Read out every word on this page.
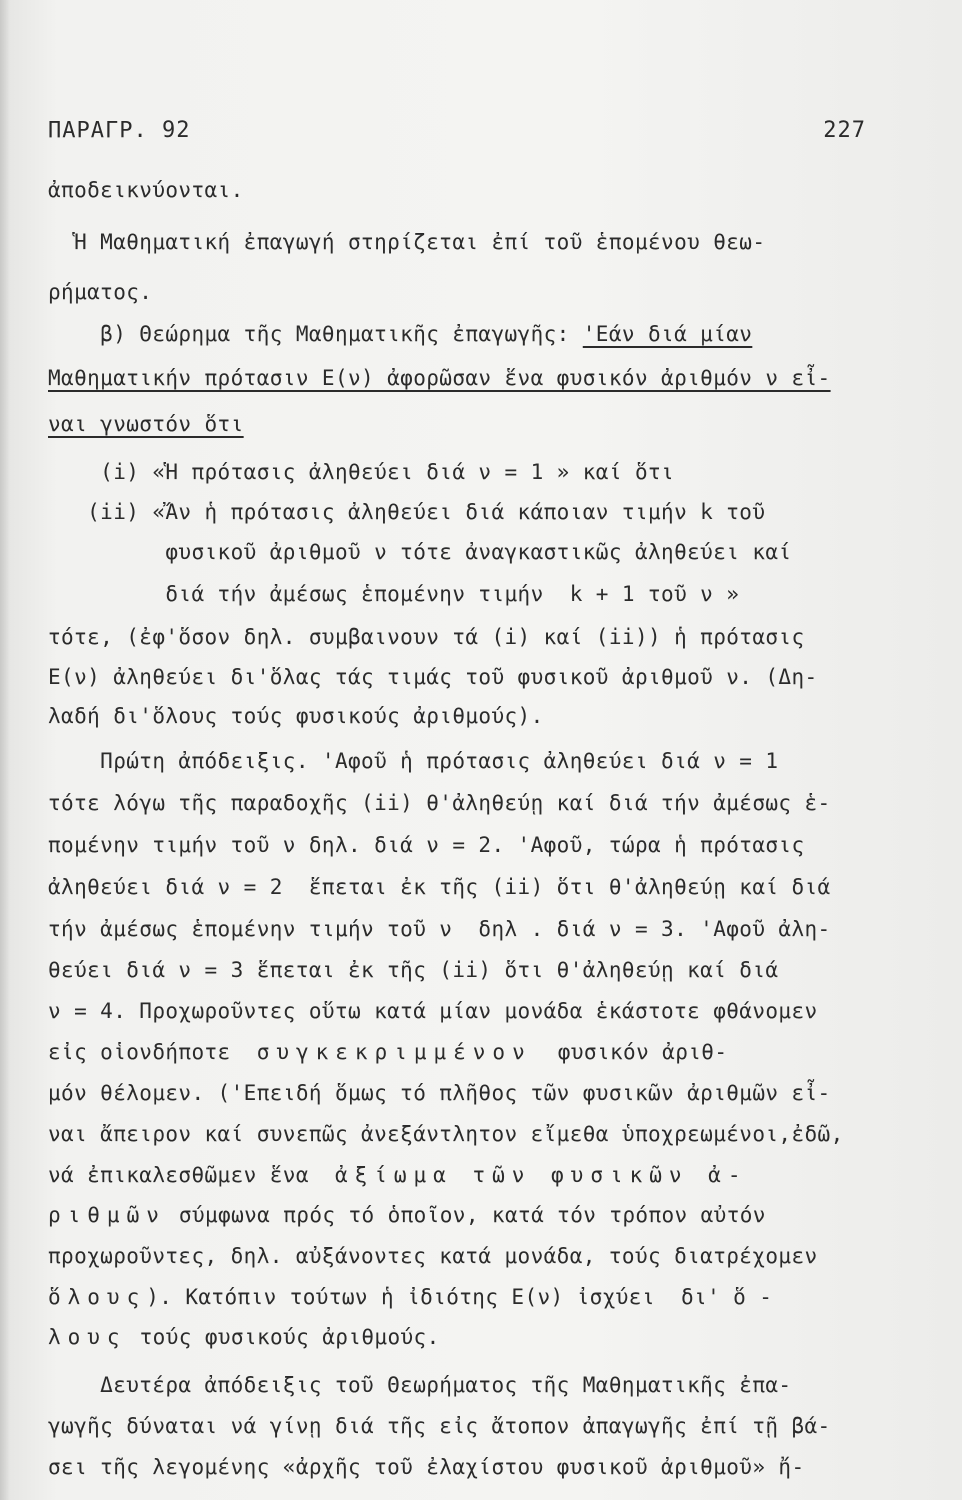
ΠΑΡΑΓΡ. 92	227
ἀποδεικνύονται.
Ἡ Μαθηματική ἐπαγωγή στηρίζεται ἐπί τοῦ ἑπομένου θεω-
ρήματος.
β) Θεώρημα τῆς Μαθηματικῆς ἐπαγωγῆς: 'Εάν διά μίαν
Μαθηματικήν πρότασιν Ε(ν) ἀφορῶσαν ἕνα φυσικόν ἀριθμόν ν εἶ-
ναι γνωστόν ὅτι
(i) «Ἡ πρότασις ἀληθεύει διά ν = 1 » καί ὅτι
(ii) «Ἄν ἡ πρότασις ἀληθεύει διά κάποιαν τιμήν k τοῦ
φυσικοῦ ἀριθμοῦ ν τότε ἀναγκαστικῶς ἀληθεύει καί
διά τήν ἀμέσως ἑπομένην τιμήν  k + 1 τοῦ ν »
τότε, (ἐφ'ὅσον δηλ. συμβαινουν τά (i) καί (ii)) ἡ πρότασις
Ε(ν) ἀληθεύει δι'ὅλας τάς τιμάς τοῦ φυσικοῦ ἀριθμοῦ ν. (Δη-
λαδή δι'ὅλους τούς φυσικούς ἀριθμούς).
Πρώτη ἀπόδειξις. 'Αφοῦ ἡ πρότασις ἀληθεύει διά ν = 1
τότε λόγω τῆς παραδοχῆς (ii) θ'ἀληθεύῃ καί διά τήν ἀμέσως ἑ-
πομένην τιμήν τοῦ ν δηλ. διά ν = 2. 'Αφοῦ, τώρα ἡ πρότασις
ἀληθεύει διά ν = 2  ἕπεται ἐκ τῆς (ii) ὅτι θ'ἀληθεύῃ καί διά
τήν ἀμέσως ἑπομένην τιμήν τοῦ ν  δηλ . διά ν = 3. 'Αφοῦ ἀλη-
θεύει διά ν = 3 ἕπεται ἐκ τῆς (ii) ὅτι θ'ἀληθεύῃ καί διά
ν = 4. Προχωροῦντες οὕτω κατά μίαν μονάδα ἑκάστοτε φθάνομεν
εἰς οἱονδήποτε  συγκεκριμμένον  φυσικόν ἀριθ-
μόν θέλομεν. ('Επειδή ὅμως τό πλῆθος τῶν φυσικῶν ἀριθμῶν εἶ-
ναι ἄπειρον καί συνεπῶς ἀνεξάντλητον εἴμεθα ὑποχρεωμένοι,ἐδῶ,
νά ἐπικαλεσθῶμεν ἕνα  ἀξίωμα τῶν φυσικῶν ἀ-
ριθμῶν σύμφωνα πρός τό ὁποῖον, κατά τόν τρόπον αὐτόν
προχωροῦντες, δηλ. αὐξάνοντες κατά μονάδα, τούς διατρέχομεν
ὅλους). Κατόπιν τούτων ἡ ἰδιότης Ε(ν) ἰσχύει  δι' ὅ -
λους τούς φυσικούς ἀριθμούς.
Δευτέρα ἀπόδειξις τοῦ Θεωρήματος τῆς Μαθηματικῆς ἐπα-
γωγῆς δύναται νά γίνῃ διά τῆς εἰς ἄτοπον ἀπαγωγῆς ἐπί τῇ βά-
σει τῆς λεγομένης «ἀρχῆς τοῦ ἐλαχίστου φυσικοῦ ἀριθμοῦ» ἤ-
